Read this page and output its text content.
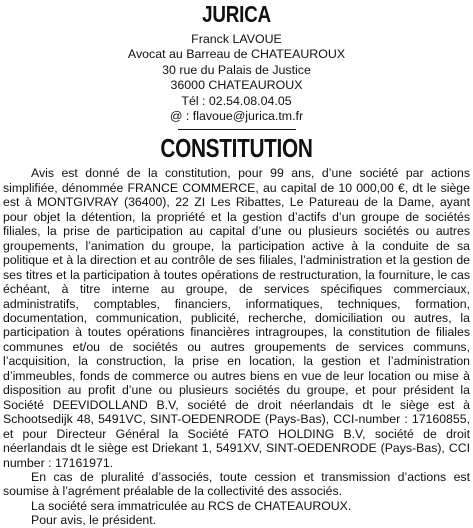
JURICA
Franck LAVOUE
Avocat au Barreau de CHATEAUROUX
30 rue du Palais de Justice
36000 CHATEAUROUX
Tél : 02.54.08.04.05
@ : flavoue@jurica.tm.fr
CONSTITUTION

Avis est donné de la constitution, pour 99 ans, d’une société par actions simplifiée, dénommée FRANCE COMMERCE, au capital de 10 000,00 €, dt le siège est à MONTGIVRAY (36400), 22 ZI Les Ribattes, Le Patureau de la Dame, ayant pour objet la détention, la propriété et la gestion d’actifs d’un groupe de sociétés filiales, la prise de participation au capital d’une ou plusieurs sociétés ou autres groupements, l’animation du groupe, la participation active à la conduite de sa politique et à la direction et au contrôle de ses filiales, l’administration et la gestion de ses titres et la participation à toutes opérations de restructuration, la fourniture, le cas échéant, à titre interne au groupe, de services spécifiques commerciaux, administratifs, comptables, financiers, informatiques, techniques, formation, documentation, communication, publicité, recherche, domiciliation ou autres, la participation à toutes opérations financières intragroupes, la constitution de filiales communes et/ou de sociétés ou autres groupements de services communs, l’acquisition, la construction, la prise en location, la gestion et l’administration d’immeubles, fonds de commerce ou autres biens en vue de leur location ou mise à disposition au profit d’une ou plusieurs sociétés du groupe, et pour président la Société DEEVIDOLLAND B.V, société de droit néerlandais dt le siège est à Schootsedijk 48, 5491VC, SINT-OEDENRODE (Pays-Bas), CCI-number : 17160855, et pour Directeur Général la Société FATO HOLDING B.V, société de droit néerlandais dt le siège est Driekant 1, 5491XV, SINT-OEDENRODE (Pays-Bas), CCI number : 17161971.

En cas de pluralité d’associés, toute cession et transmission d’actions est soumise à l’agrément préalable de la collectivité des associés.

La société sera immatriculée au RCS de CHATEAUROUX.

Pour avis, le président.
